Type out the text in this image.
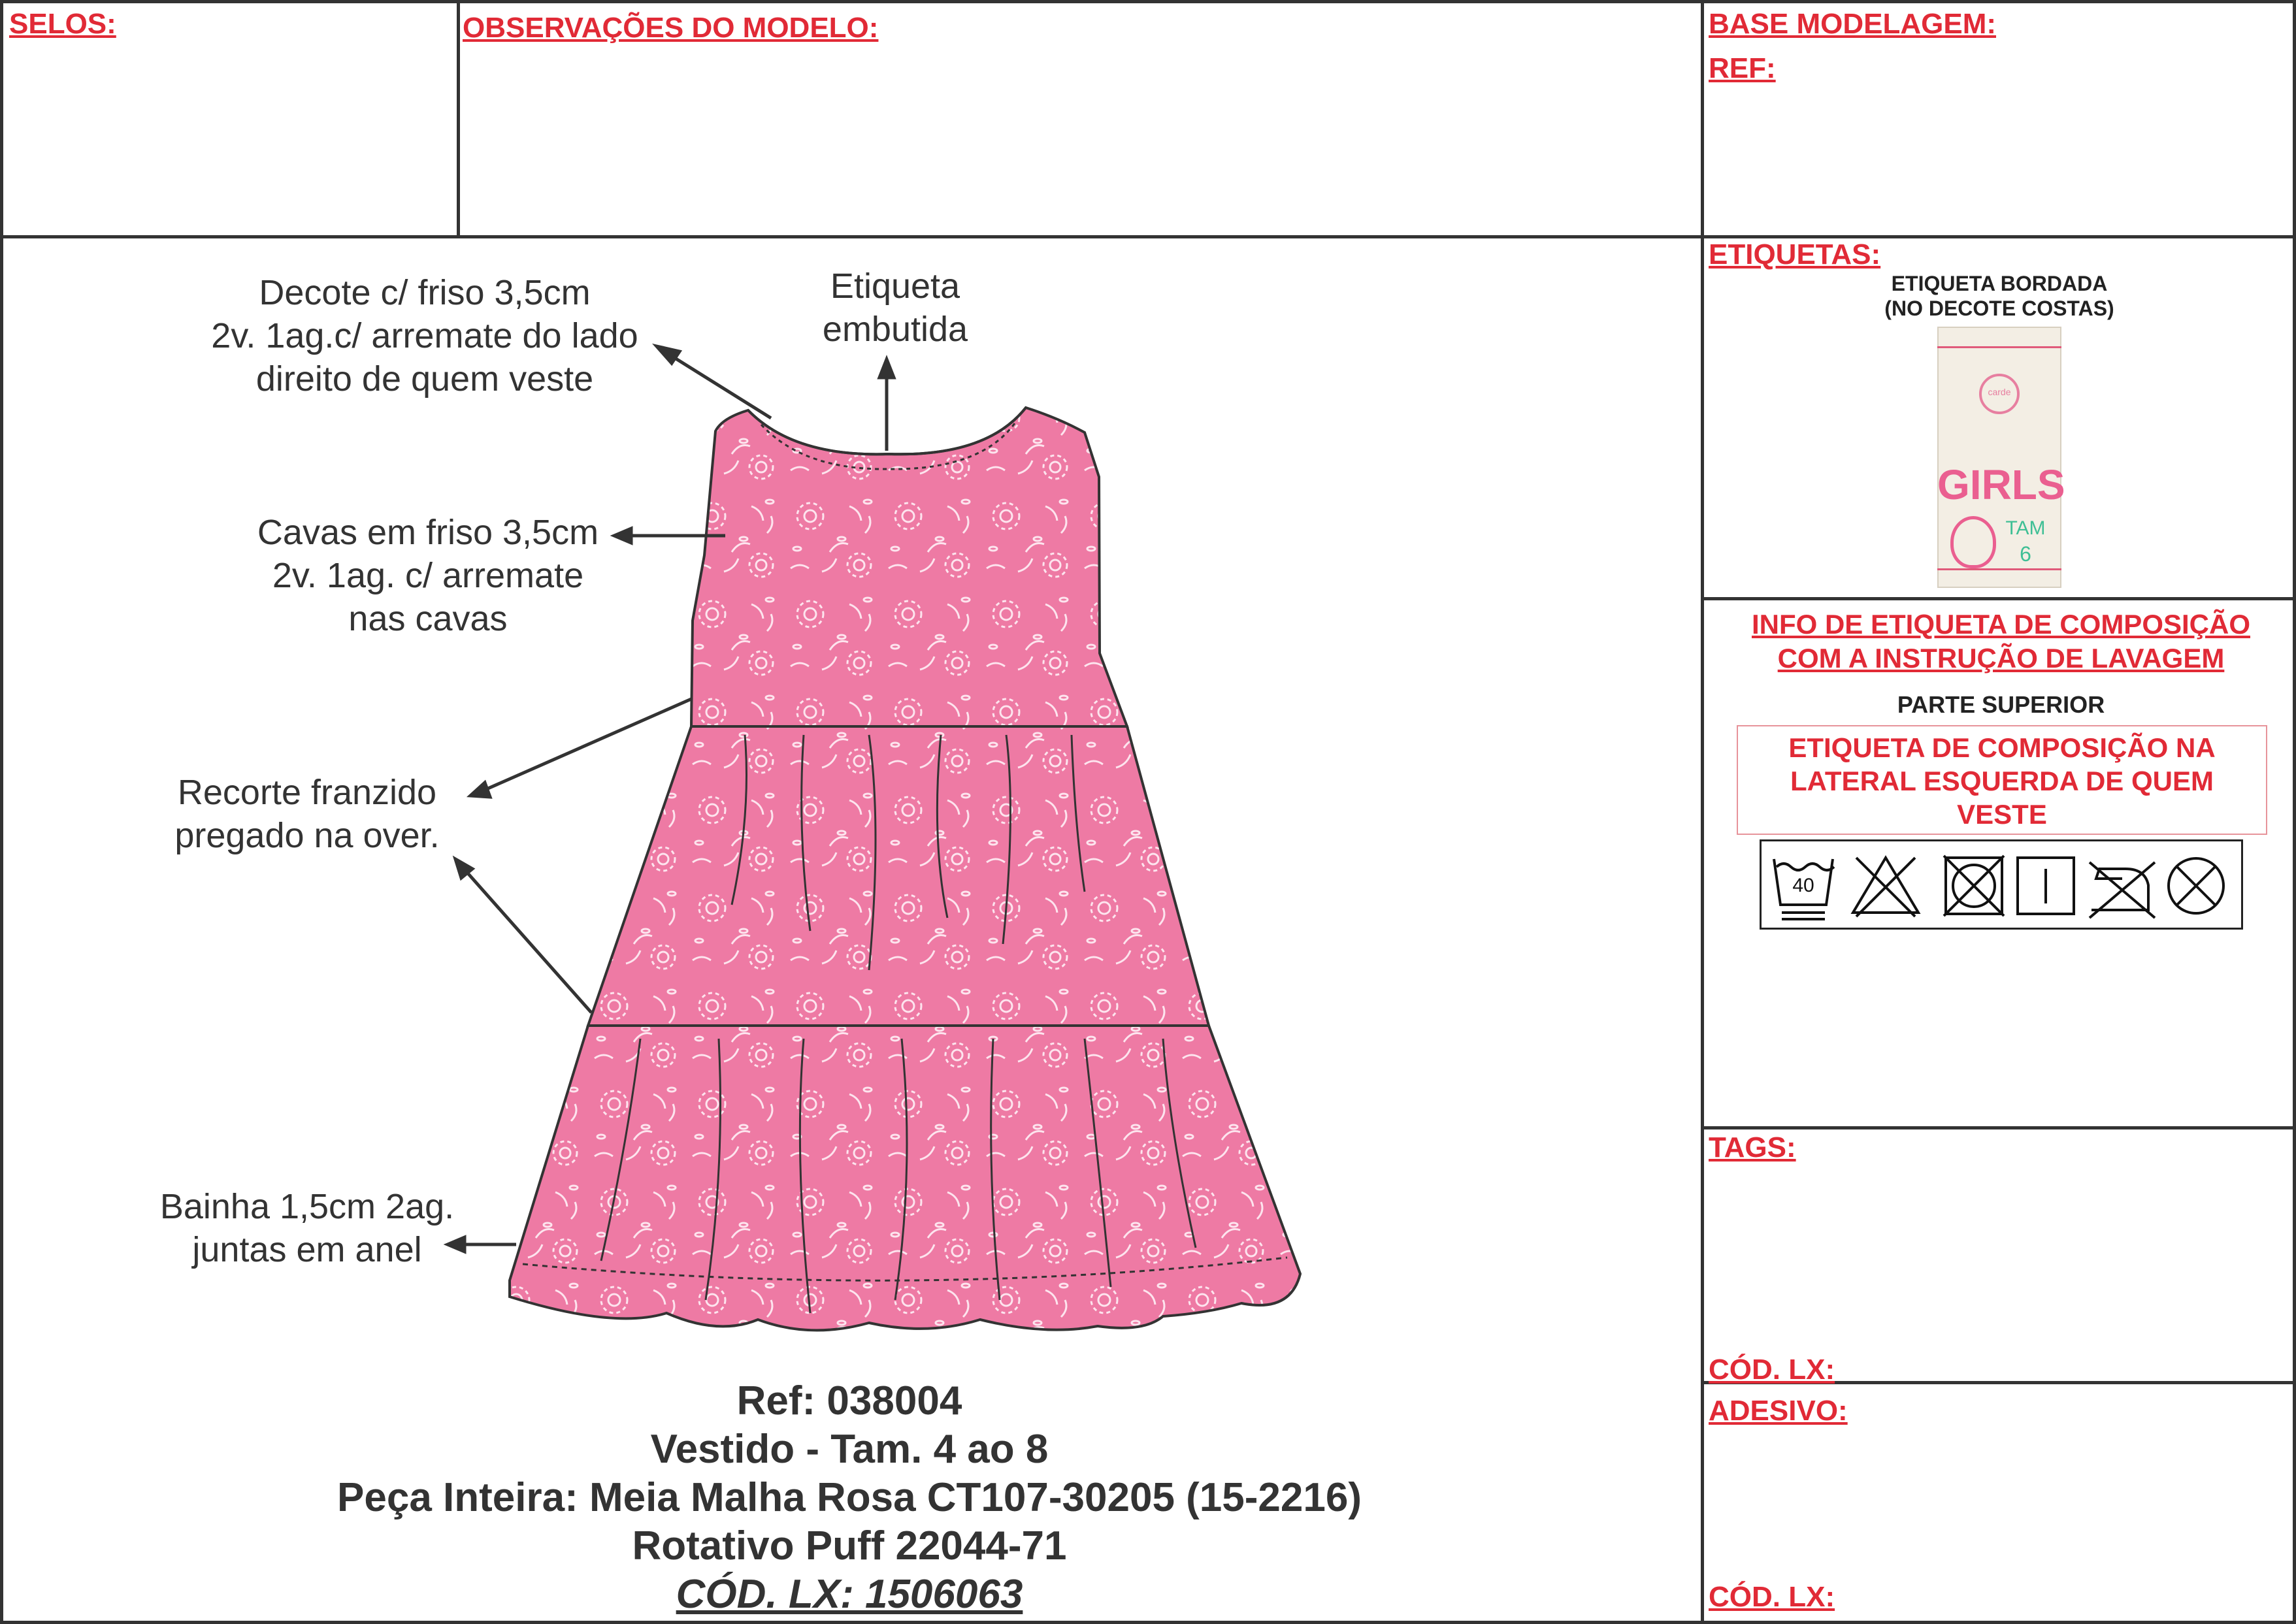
SELOS:	OBSERVAÇÕES DO MODELO:	BASE MODELAGEM:
REF:
Decote c/ friso 3,5cm
2v. 1ag.c/ arremate do lado
direito de quem veste
Etiqueta
embutida
Cavas em friso 3,5cm
2v. 1ag. c/ arremate
nas cavas
Recorte franzido
pregado na over.
Bainha 1,5cm 2ag.
juntas em anel
Ref: 038004
Vestido - Tam. 4 ao 8
Peça Inteira: Meia Malha Rosa CT107-30205 (15-2216)
Rotativo Puff 22044-71
CÓD. LX: 1506063
ETIQUETAS:
ETIQUETA BORDADA
(NO DECOTE COSTAS)
carde
GIRLS
TAM
6
INFO DE ETIQUETA DE COMPOSIÇÃO
COM A INSTRUÇÃO DE LAVAGEM
PARTE SUPERIOR
ETIQUETA DE COMPOSIÇÃO NA
LATERAL ESQUERDA DE QUEM
VESTE
40
TAGS:
CÓD. LX:
ADESIVO:
CÓD. LX:
